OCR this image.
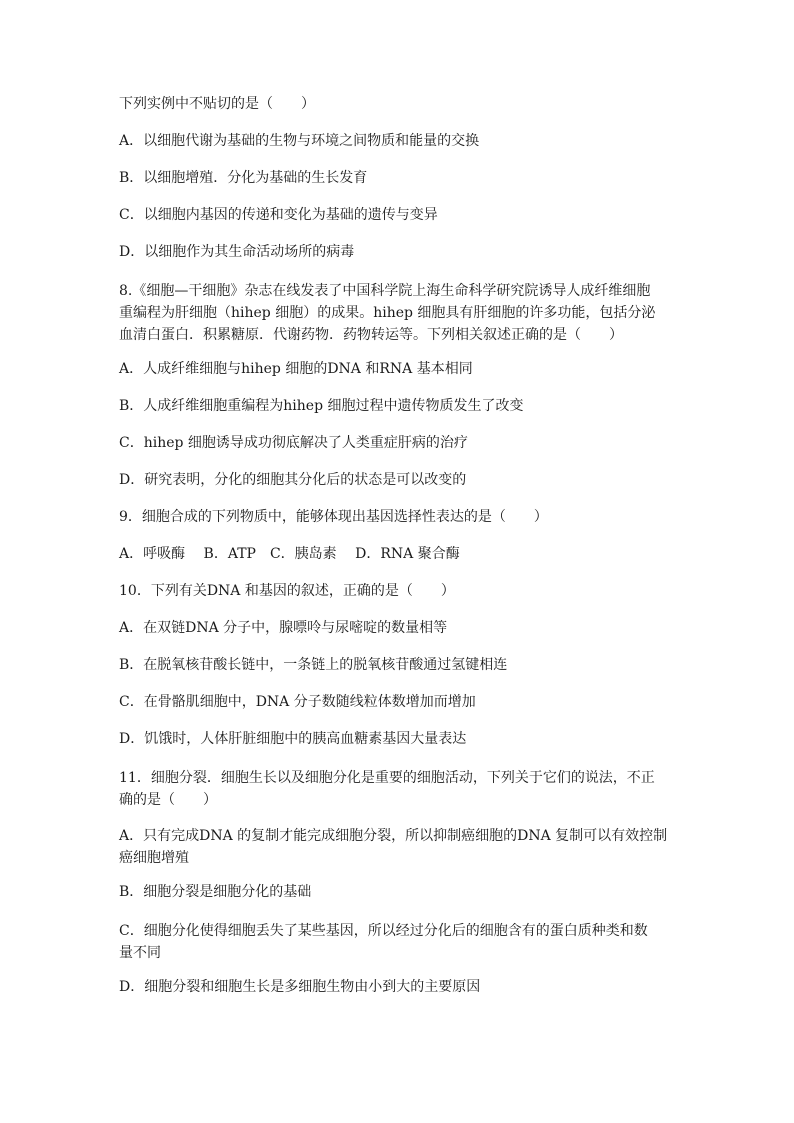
下列实例中不贴切的是（　　）

A．以细胞代谢为基础的生物与环境之间物质和能量的交换

B．以细胞增殖．分化为基础的生长发育

C．以细胞内基因的传递和变化为基础的遗传与变异

D．以细胞作为其生命活动场所的病毒

8.《细胞—干细胞》杂志在线发表了中国科学院上海生命科学研究院诱导人成纤维细胞
重编程为肝细胞（hihep 细胞）的成果。hihep 细胞具有肝细胞的许多功能，包括分泌
血清白蛋白．积累糖原．代谢药物．药物转运等。下列相关叙述正确的是（　　）

A．人成纤维细胞与hihep 细胞的DNA 和RNA 基本相同

B．人成纤维细胞重编程为hihep 细胞过程中遗传物质发生了改变

C．hihep 细胞诱导成功彻底解决了人类重症肝病的治疗

D．研究表明，分化的细胞其分化后的状态是可以改变的

9．细胞合成的下列物质中，能够体现出基因选择性表达的是（　　）

A．呼吸酶　 B．ATP　C．胰岛素　 D．RNA 聚合酶

10．下列有关DNA 和基因的叙述，正确的是（　　）

A．在双链DNA 分子中，腺嘌呤与尿嘧啶的数量相等

B．在脱氧核苷酸长链中，一条链上的脱氧核苷酸通过氢键相连

C．在骨骼肌细胞中，DNA 分子数随线粒体数增加而增加

D．饥饿时，人体肝脏细胞中的胰高血糖素基因大量表达

11．细胞分裂．细胞生长以及细胞分化是重要的细胞活动，下列关于它们的说法，不正
确的是（　　）
A．只有完成DNA 的复制才能完成细胞分裂，所以抑制癌细胞的DNA 复制可以有效控制
癌细胞增殖

B．细胞分裂是细胞分化的基础

C．细胞分化使得细胞丢失了某些基因，所以经过分化后的细胞含有的蛋白质种类和数
量不同

D．细胞分裂和细胞生长是多细胞生物由小到大的主要原因
